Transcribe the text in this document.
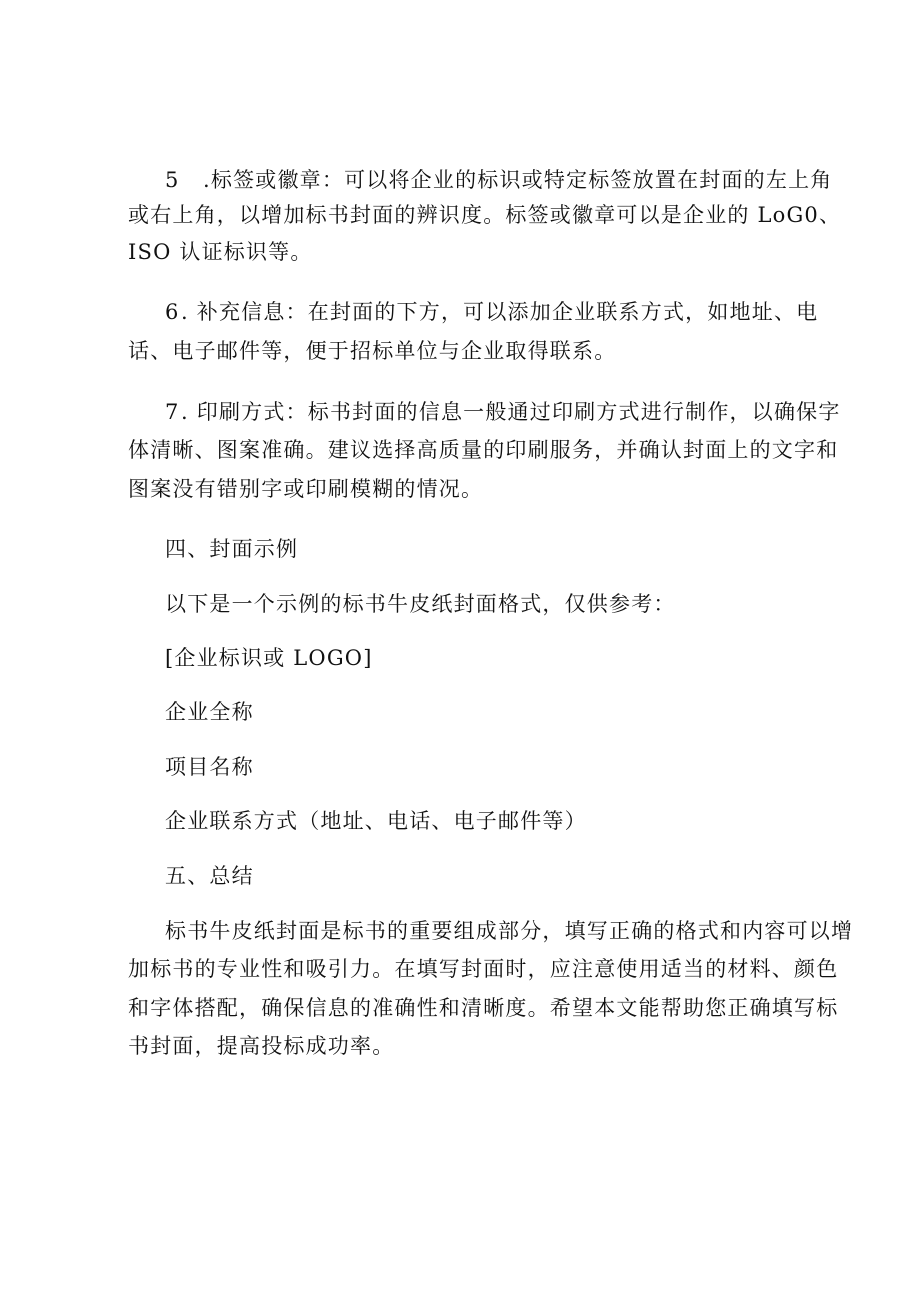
5 .标签或徽章：可以将企业的标识或特定标签放置在封面的左上角
或右上角，以增加标书封面的辨识度。标签或徽章可以是企业的 LoG0、
ISO 认证标识等。
6. 补充信息：在封面的下方，可以添加企业联系方式，如地址、电
话、电子邮件等，便于招标单位与企业取得联系。
7. 印刷方式：标书封面的信息一般通过印刷方式进行制作，以确保字
体清晰、图案准确。建议选择高质量的印刷服务，并确认封面上的文字和
图案没有错别字或印刷模糊的情况。
四、封面示例
以下是一个示例的标书牛皮纸封面格式，仅供参考：
[企业标识或 LOGO]
企业全称
项目名称
企业联系方式（地址、电话、电子邮件等）
五、总结
标书牛皮纸封面是标书的重要组成部分，填写正确的格式和内容可以增
加标书的专业性和吸引力。在填写封面时，应注意使用适当的材料、颜色
和字体搭配，确保信息的准确性和清晰度。希望本文能帮助您正确填写标
书封面，提高投标成功率。
